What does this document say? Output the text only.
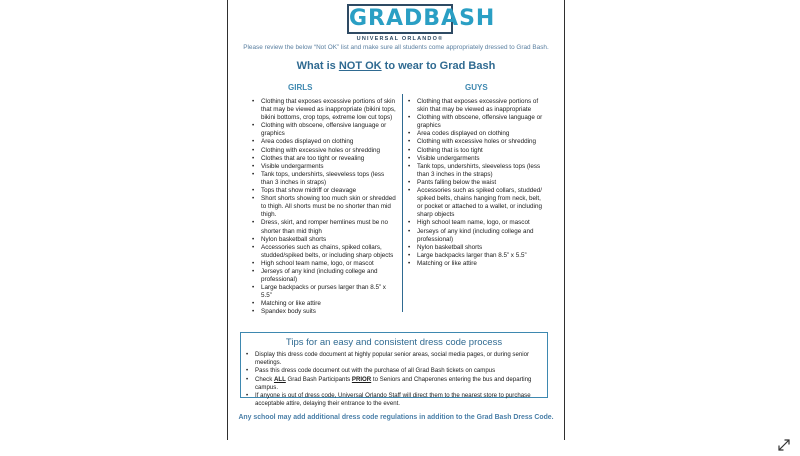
GRADBASH
UNIVERSAL ORLANDO®
Please review the below “Not OK” list and make sure all students come appropriately dressed to Grad Bash.
What is NOT OK to wear to Grad Bash
GIRLS	GUYS
• Clothing that exposes excessive portions of skin that may be viewed as inappropriate (bikini tops, bikini bottoms, crop tops, extreme low cut tops)
• Clothing with obscene, offensive language or graphics
• Area codes displayed on clothing
• Clothing with excessive holes or shredding
• Clothes that are too tight or revealing
• Visible undergarments
• Tank tops, undershirts, sleeveless tops (less than 3 inches in straps)
• Tops that show midriff or cleavage
• Short shorts showing too much skin or shredded to thigh. All shorts must be no shorter than mid thigh.
• Dress, skirt, and romper hemlines must be no shorter than mid thigh
• Nylon basketball shorts
• Accessories such as chains, spiked collars, studded/spiked belts, or including sharp objects
• High school team name, logo, or mascot
• Jerseys of any kind (including college and professional)
• Large backpacks or purses larger than 8.5” x 5.5”
• Matching or like attire
• Spandex body suits
• Clothing that exposes excessive portions of skin that may be viewed as inappropriate
• Clothing with obscene, offensive language or graphics
• Area codes displayed on clothing
• Clothing with excessive holes or shredding
• Clothing that is too tight
• Visible undergarments
• Tank tops, undershirts, sleeveless tops (less than 3 inches in the straps)
• Pants falling below the waist
• Accessories such as spiked collars, studded/ spiked belts, chains hanging from neck, belt, or pocket or attached to a wallet, or including sharp objects
• High school team name, logo, or mascot
• Jerseys of any kind (including college and professional)
• Nylon basketball shorts
• Large backpacks larger than 8.5” x 5.5”
• Matching or like attire
Tips for an easy and consistent dress code process
• Display this dress code document at highly popular senior areas, social media pages, or during senior meetings.
• Pass this dress code document out with the purchase of all Grad Bash tickets on campus
• Check ALL Grad Bash Participants PRIOR to Seniors and Chaperones entering the bus and departing campus.
• If anyone is out of dress code, Universal Orlando Staff will direct them to the nearest store to purchase acceptable attire, delaying their entrance to the event.
Any school may add additional dress code regulations in addition to the Grad Bash Dress Code.
